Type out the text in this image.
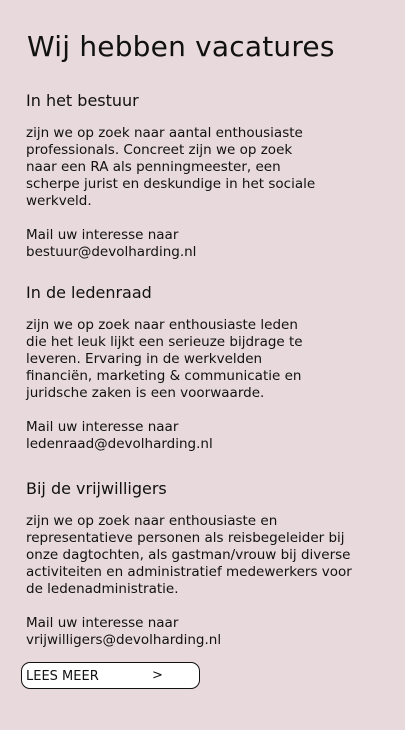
Wij hebben vacatures
In het bestuur

zijn we op zoek naar aantal enthousiaste
professionals. Concreet zijn we op zoek
naar een RA als penningmeester, een
scherpe jurist en deskundige in het sociale
werkveld.

Mail uw interesse naar
bestuur@devolharding.nl

In de ledenraad

zijn we op zoek naar enthousiaste leden
die het leuk lijkt een serieuze bijdrage te
leveren. Ervaring in de werkvelden
financiën, marketing & communicatie en
juridsche zaken is een voorwaarde.

Mail uw interesse naar
ledenraad@devolharding.nl

Bij de vrijwilligers

zijn we op zoek naar enthousiaste en
representatieve personen als reisbegeleider bij
onze dagtochten, als gastman/vrouw bij diverse
activiteiten en administratief medewerkers voor
de ledenadministratie.

Mail uw interesse naar
vrijwilligers@devolharding.nl

LEES MEER	>
